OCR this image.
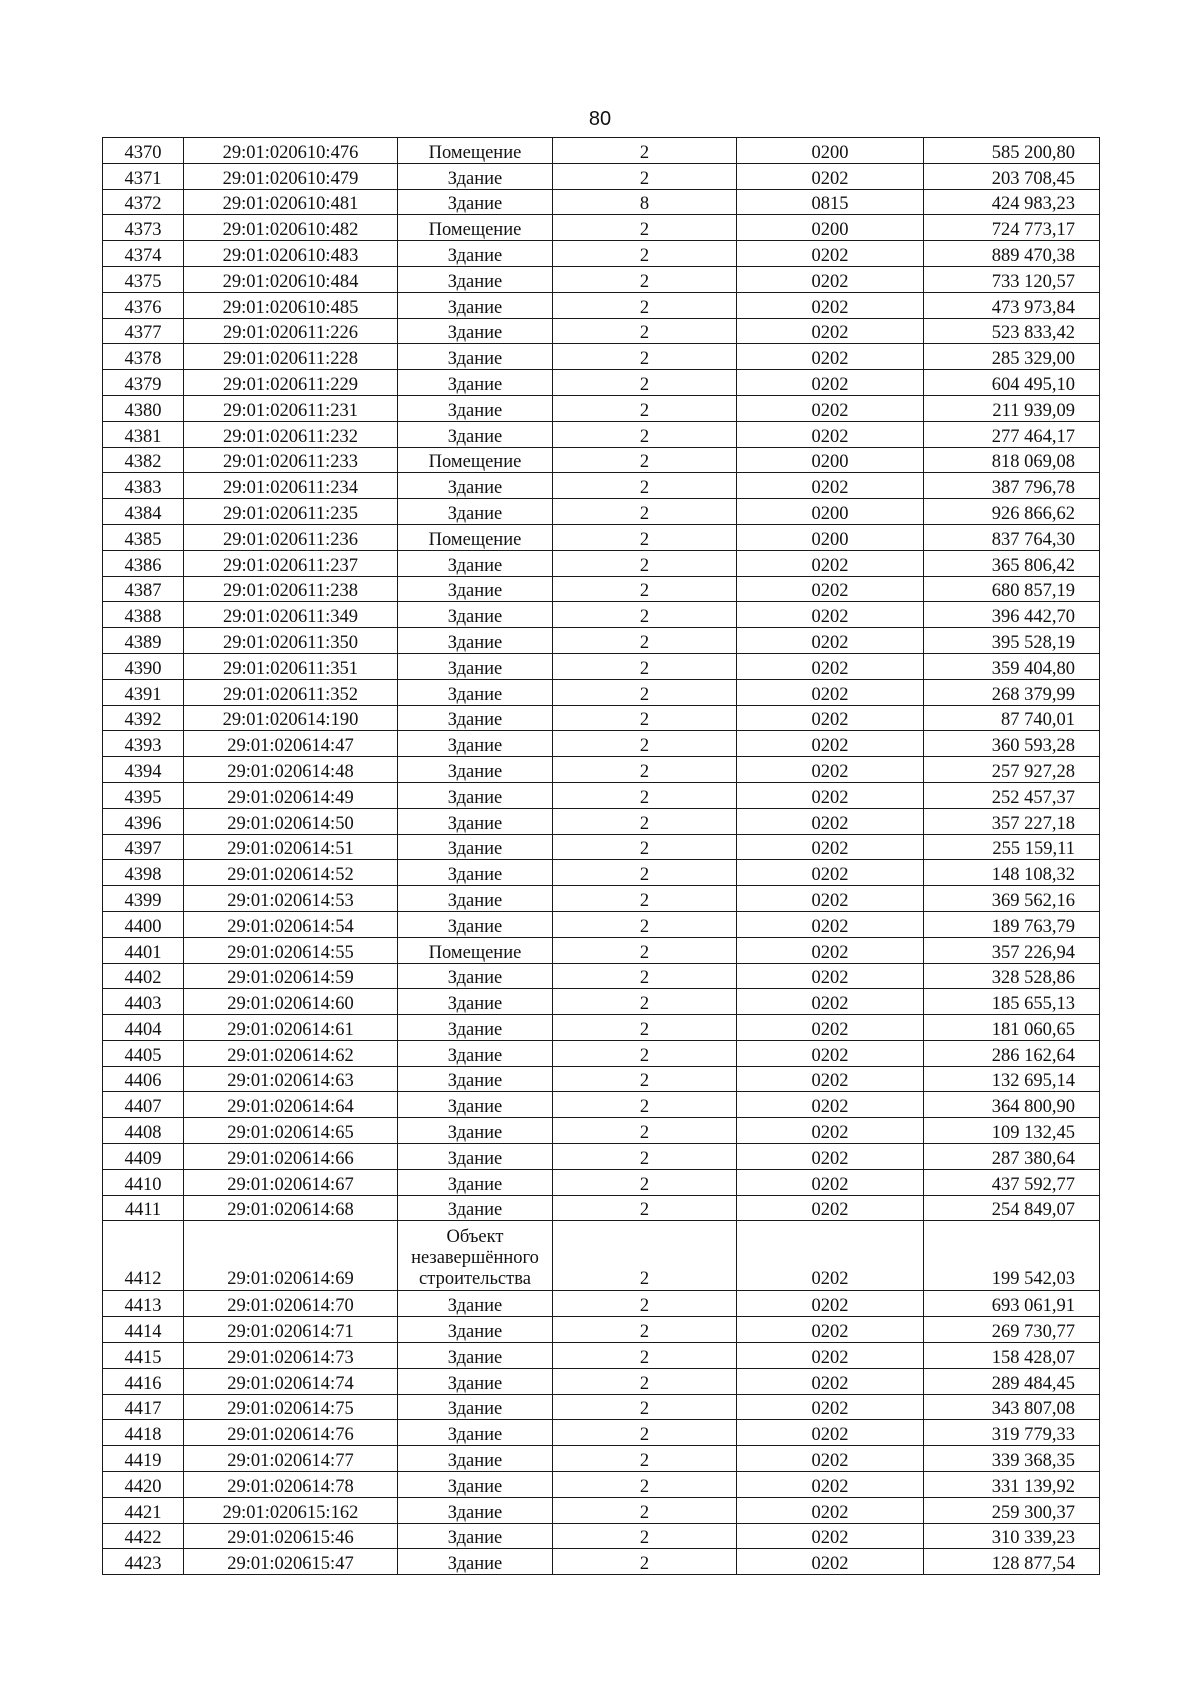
80
4370	29:01:020610:476	Помещение	2	0200	585 200,80
4371	29:01:020610:479	Здание	2	0202	203 708,45
4372	29:01:020610:481	Здание	8	0815	424 983,23
4373	29:01:020610:482	Помещение	2	0200	724 773,17
4374	29:01:020610:483	Здание	2	0202	889 470,38
4375	29:01:020610:484	Здание	2	0202	733 120,57
4376	29:01:020610:485	Здание	2	0202	473 973,84
4377	29:01:020611:226	Здание	2	0202	523 833,42
4378	29:01:020611:228	Здание	2	0202	285 329,00
4379	29:01:020611:229	Здание	2	0202	604 495,10
4380	29:01:020611:231	Здание	2	0202	211 939,09
4381	29:01:020611:232	Здание	2	0202	277 464,17
4382	29:01:020611:233	Помещение	2	0200	818 069,08
4383	29:01:020611:234	Здание	2	0202	387 796,78
4384	29:01:020611:235	Здание	2	0200	926 866,62
4385	29:01:020611:236	Помещение	2	0200	837 764,30
4386	29:01:020611:237	Здание	2	0202	365 806,42
4387	29:01:020611:238	Здание	2	0202	680 857,19
4388	29:01:020611:349	Здание	2	0202	396 442,70
4389	29:01:020611:350	Здание	2	0202	395 528,19
4390	29:01:020611:351	Здание	2	0202	359 404,80
4391	29:01:020611:352	Здание	2	0202	268 379,99
4392	29:01:020614:190	Здание	2	0202	87 740,01
4393	29:01:020614:47	Здание	2	0202	360 593,28
4394	29:01:020614:48	Здание	2	0202	257 927,28
4395	29:01:020614:49	Здание	2	0202	252 457,37
4396	29:01:020614:50	Здание	2	0202	357 227,18
4397	29:01:020614:51	Здание	2	0202	255 159,11
4398	29:01:020614:52	Здание	2	0202	148 108,32
4399	29:01:020614:53	Здание	2	0202	369 562,16
4400	29:01:020614:54	Здание	2	0202	189 763,79
4401	29:01:020614:55	Помещение	2	0202	357 226,94
4402	29:01:020614:59	Здание	2	0202	328 528,86
4403	29:01:020614:60	Здание	2	0202	185 655,13
4404	29:01:020614:61	Здание	2	0202	181 060,65
4405	29:01:020614:62	Здание	2	0202	286 162,64
4406	29:01:020614:63	Здание	2	0202	132 695,14
4407	29:01:020614:64	Здание	2	0202	364 800,90
4408	29:01:020614:65	Здание	2	0202	109 132,45
4409	29:01:020614:66	Здание	2	0202	287 380,64
4410	29:01:020614:67	Здание	2	0202	437 592,77
4411	29:01:020614:68	Здание	2	0202	254 849,07
4412	29:01:020614:69	Объект незавершённого строительства	2	0202	199 542,03
4413	29:01:020614:70	Здание	2	0202	693 061,91
4414	29:01:020614:71	Здание	2	0202	269 730,77
4415	29:01:020614:73	Здание	2	0202	158 428,07
4416	29:01:020614:74	Здание	2	0202	289 484,45
4417	29:01:020614:75	Здание	2	0202	343 807,08
4418	29:01:020614:76	Здание	2	0202	319 779,33
4419	29:01:020614:77	Здание	2	0202	339 368,35
4420	29:01:020614:78	Здание	2	0202	331 139,92
4421	29:01:020615:162	Здание	2	0202	259 300,37
4422	29:01:020615:46	Здание	2	0202	310 339,23
4423	29:01:020615:47	Здание	2	0202	128 877,54
